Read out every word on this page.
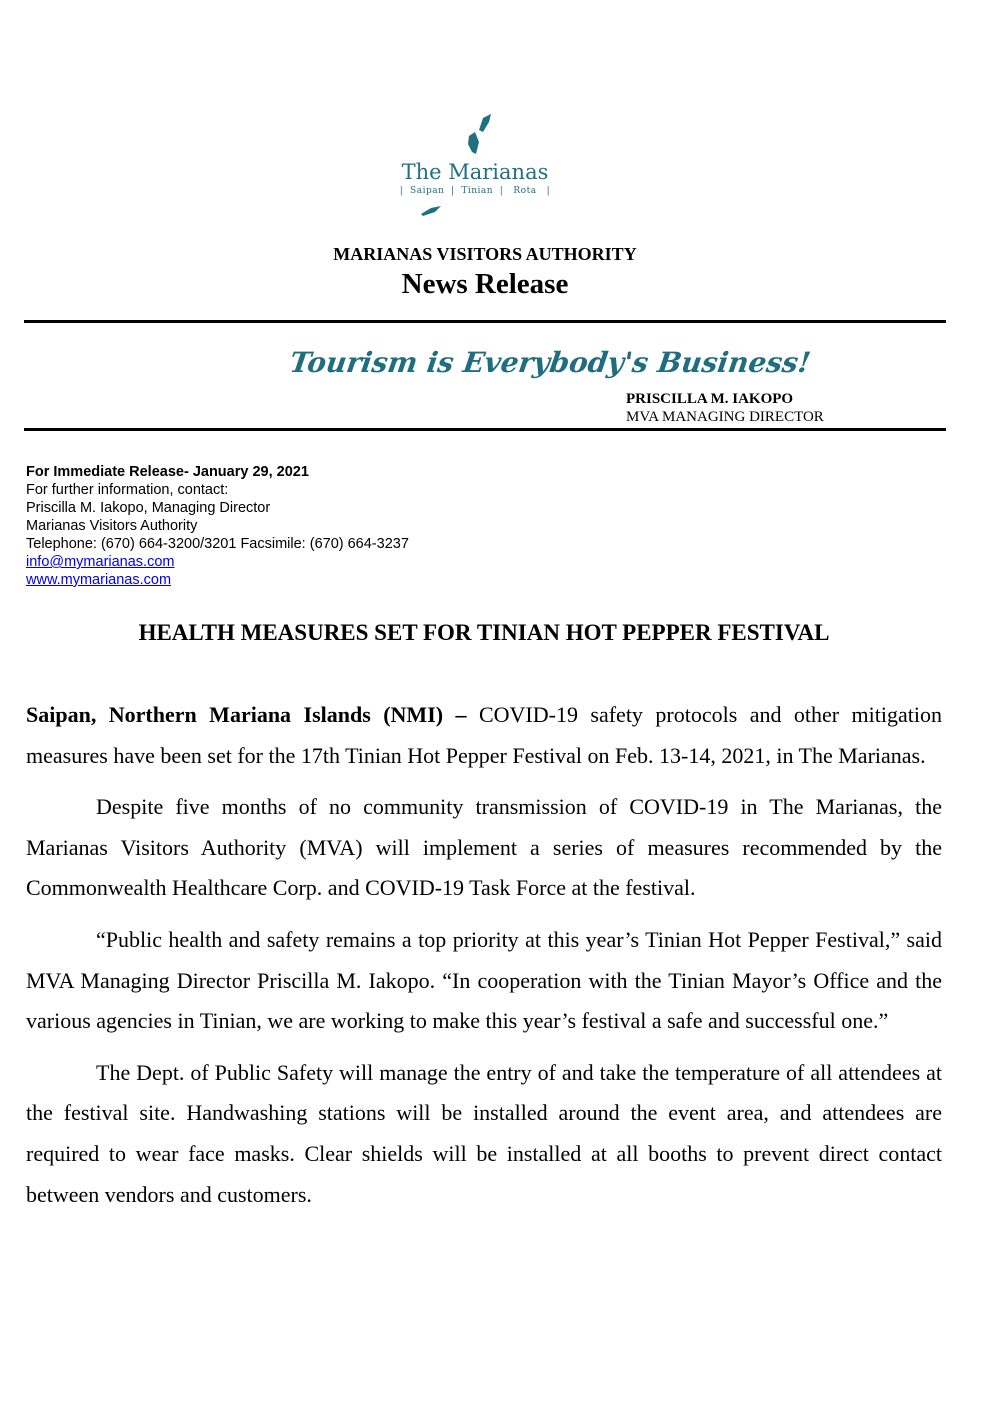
The Marianas
|  Saipan  |  Tinian  |   Rota   |
MARIANAS VISITORS AUTHORITY
News Release
Tourism is Everybody's Business!
PRISCILLA M. IAKOPO
MVA MANAGING DIRECTOR
For Immediate Release- January 29, 2021
For further information, contact:
Priscilla M. Iakopo, Managing Director
Marianas Visitors Authority
Telephone: (670) 664-3200/3201 Facsimile: (670) 664-3237
info@mymarianas.com
www.mymarianas.com
HEALTH MEASURES SET FOR TINIAN HOT PEPPER FESTIVAL

Saipan, Northern Mariana Islands (NMI) – COVID-19 safety protocols and other mitigation measures have been set for the 17th Tinian Hot Pepper Festival on Feb. 13-14, 2021, in The Marianas.

Despite five months of no community transmission of COVID-19 in The Marianas, the Marianas Visitors Authority (MVA) will implement a series of measures recommended by the Commonwealth Healthcare Corp. and COVID-19 Task Force at the festival.

“Public health and safety remains a top priority at this year’s Tinian Hot Pepper Festival,” said MVA Managing Director Priscilla M. Iakopo. “In cooperation with the Tinian Mayor’s Office and the various agencies in Tinian, we are working to make this year’s festival a safe and successful one.”

The Dept. of Public Safety will manage the entry of and take the temperature of all attendees at the festival site. Handwashing stations will be installed around the event area, and attendees are required to wear face masks. Clear shields will be installed at all booths to prevent direct contact between vendors and customers.
